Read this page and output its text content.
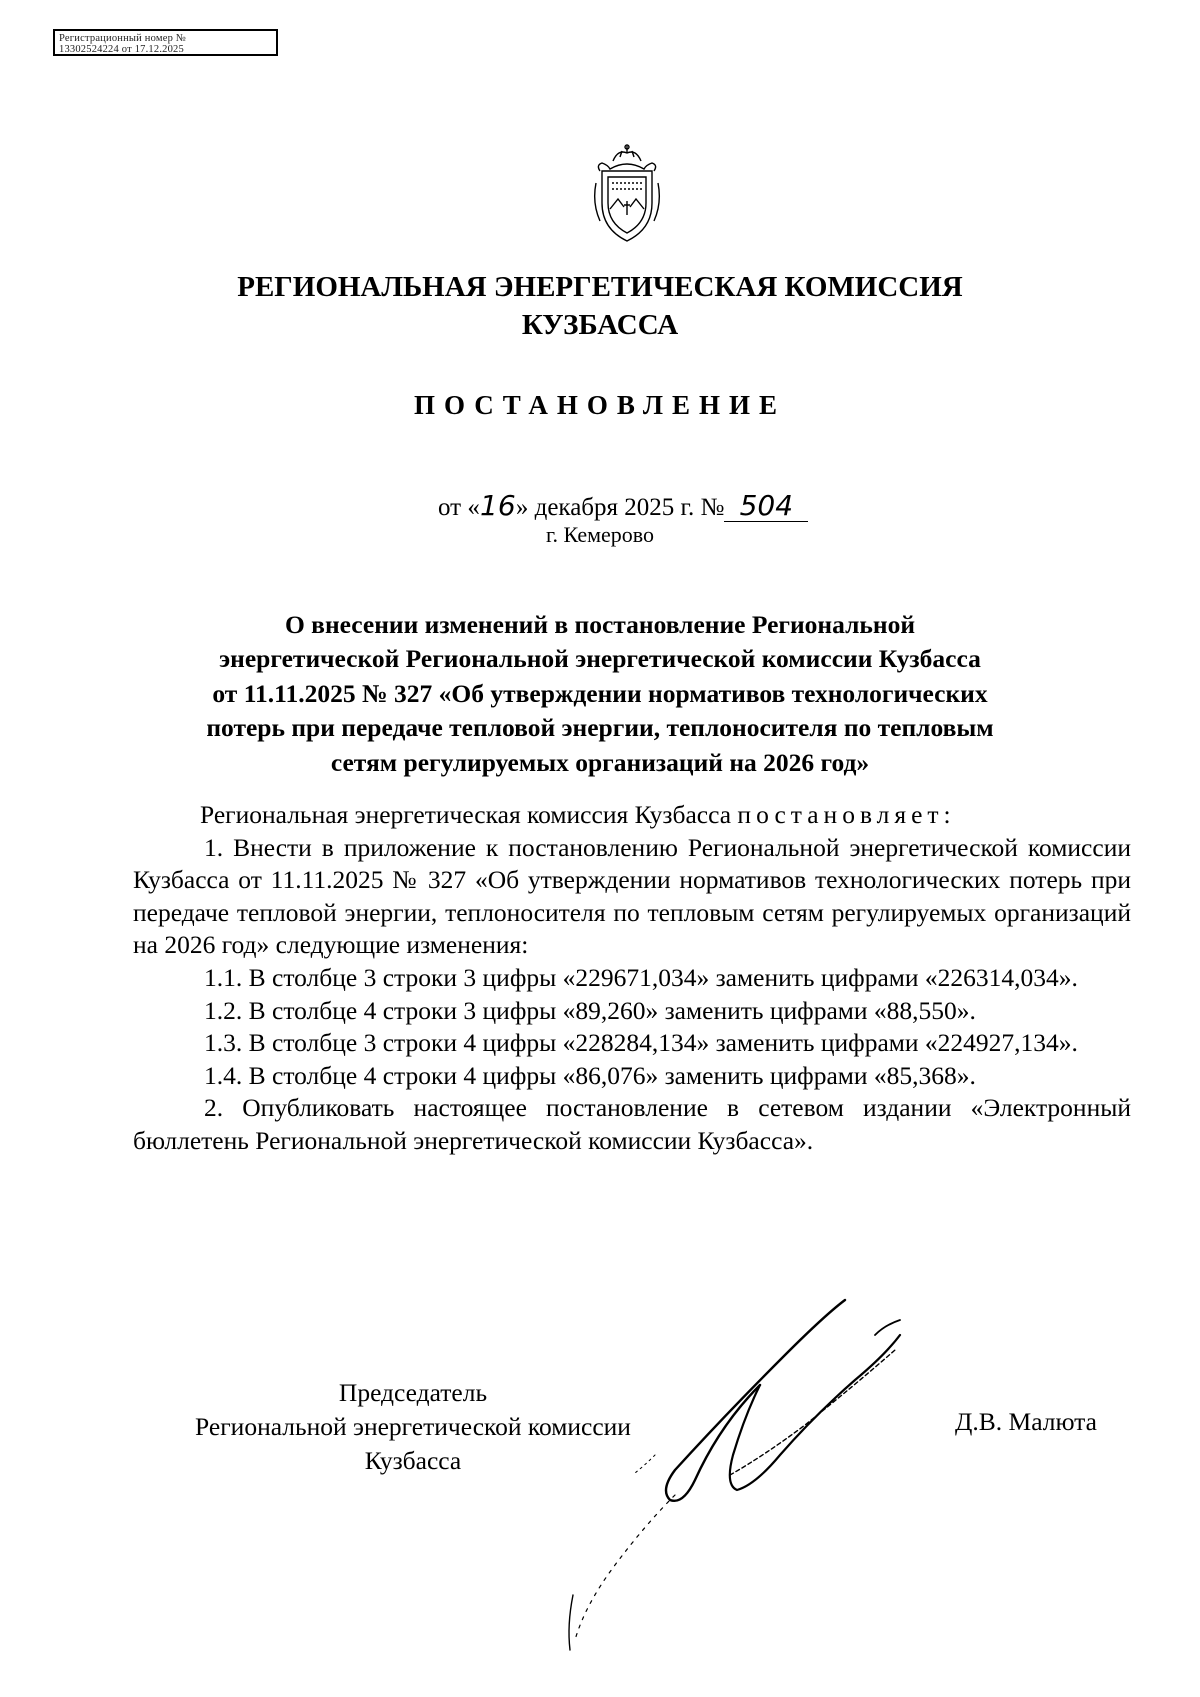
Регистрационный номер №
1330252422​4 от 17.12.2025
РЕГИОНАЛЬНАЯ ЭНЕРГЕТИЧЕСКАЯ КОМИССИЯ
КУЗБАССА
ПОСТАНОВЛЕНИЕ
от «16» декабря 2025 г. № 504
г. Кемерово
О внесении изменений в постановление Региональной
энергетической Региональной энергетической комиссии Кузбасса
от 11.11.2025 № 327 «Об утверждении нормативов технологических
потерь при передаче тепловой энергии, теплоносителя по тепловым
сетям регулируемых организаций на 2026 год»

Региональная энергетическая комиссия Кузбасса постановляет:

1. Внести в приложение к постановлению Региональной энергетической комиссии Кузбасса от 11.11.2025 № 327 «Об утверждении нормативов технологических потерь при передаче тепловой энергии, теплоносителя по тепловым сетям регулируемых организаций на 2026 год» следующие изменения:

1.1. В столбце 3 строки 3 цифры «229671,034» заменить цифрами «226314,034».

1.2. В столбце 4 строки 3 цифры «89,260» заменить цифрами «88,550».

1.3. В столбце 3 строки 4 цифры «228284,134» заменить цифрами «224927,134».

1.4. В столбце 4 строки 4 цифры «86,076» заменить цифрами «85,368».

2. Опубликовать настоящее постановление в сетевом издании «Электронный бюллетень Региональной энергетической комиссии Кузбасса».

Председатель
Региональной энергетической комиссии
Кузбасса
Д.В. Малюта
